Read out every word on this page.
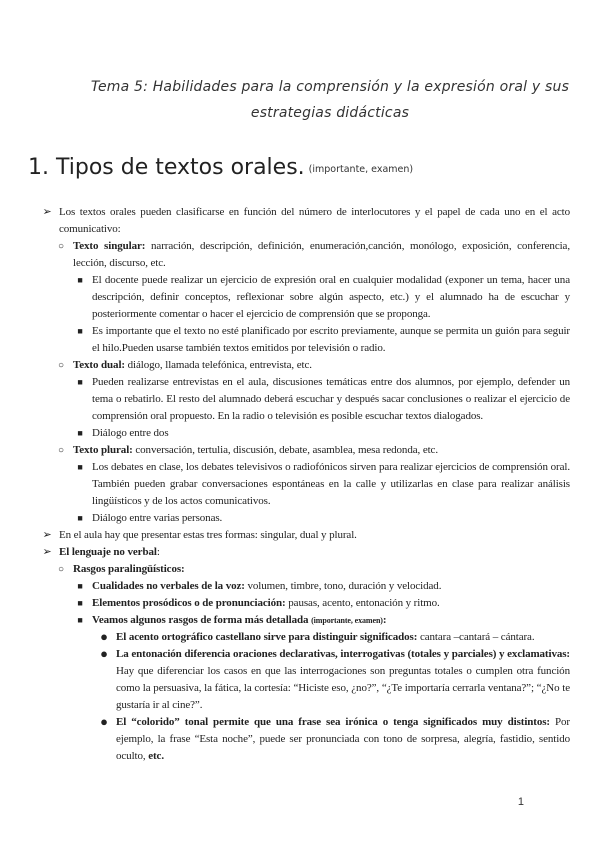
Tema 5: Habilidades para la comprensión y la expresión oral y sus estrategias didácticas
1. Tipos de textos orales. (importante, examen)
➢ Los textos orales pueden clasificarse en función del número de interlocutores y el papel de cada uno en el acto comunicativo:
○ Texto singular: narración, descripción, definición, enumeración,canción, monólogo, exposición, conferencia, lección, discurso, etc.
■ El docente puede realizar un ejercicio de expresión oral en cualquier modalidad (exponer un tema, hacer una descripción, definir conceptos, reflexionar sobre algún aspecto, etc.) y el alumnado ha de escuchar y posteriormente comentar o hacer el ejercicio de comprensión que se proponga.
■ Es importante que el texto no esté planificado por escrito previamente, aunque se permita un guión para seguir el hilo.Pueden usarse también textos emitidos por televisión o radio.
○ Texto dual: diálogo, llamada telefónica, entrevista, etc.
■ Pueden realizarse entrevistas en el aula, discusiones temáticas entre dos alumnos, por ejemplo, defender un tema o rebatirlo. El resto del alumnado deberá escuchar y después sacar conclusiones o realizar el ejercicio de comprensión oral propuesto. En la radio o televisión es posible escuchar textos dialogados.
■ Diálogo entre dos
○ Texto plural: conversación, tertulia, discusión, debate, asamblea, mesa redonda, etc.
■ Los debates en clase, los debates televisivos o radiofónicos sirven para realizar ejercicios de comprensión oral. También pueden grabar conversaciones espontáneas en la calle y utilizarlas en clase para realizar análisis lingüísticos y de los actos comunicativos.
■ Diálogo entre varias personas.
➢ En el aula hay que presentar estas tres formas: singular, dual y plural.
➢ El lenguaje no verbal:
○ Rasgos paralingüísticos:
■ Cualidades no verbales de la voz: volumen, timbre, tono, duración y velocidad.
■ Elementos prosódicos o de pronunciación: pausas, acento, entonación y ritmo.
■ Veamos algunos rasgos de forma más detallada (importante, examen):
● El acento ortográfico castellano sirve para distinguir significados: cantara –cantará – cántara.
● La entonación diferencia oraciones declarativas, interrogativas (totales y parciales) y exclamativas: Hay que diferenciar los casos en que las interrogaciones son preguntas totales o cumplen otra función como la persuasiva, la fática, la cortesía: “Hiciste eso, ¿no?”, “¿Te importaría cerrarla ventana?”; “¿No te gustaría ir al cine?”.
● El “colorido” tonal permite que una frase sea irónica o tenga significados muy distintos: Por ejemplo, la frase “Esta noche”, puede ser pronunciada con tono de sorpresa, alegría, fastidio, sentido oculto, etc.
1
